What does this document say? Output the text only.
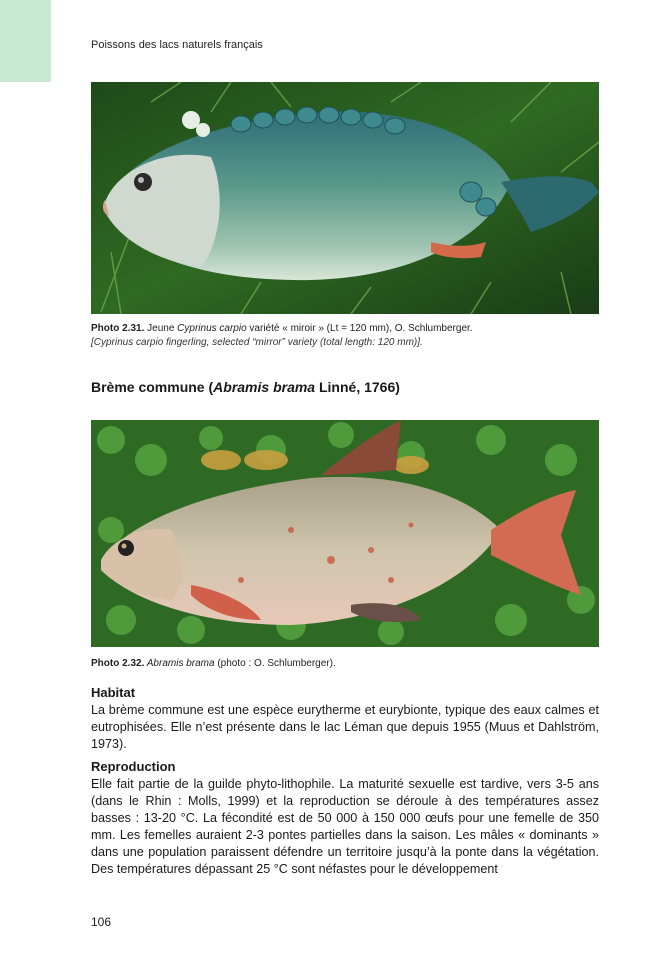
Poissons des lacs naturels français
Photo 2.31. Jeune Cyprinus carpio variété « miroir » (Lt = 120 mm), O. Schlumberger.
[Cyprinus carpio fingerling, selected “mirror” variety (total length: 120 mm)].
Brème commune (Abramis brama Linné, 1766)
Photo 2.32. Abramis brama (photo : O. Schlumberger).
Habitat
La brème commune est une espèce eurytherme et eurybionte, typique des eaux calmes et eutrophisées. Elle n’est présente dans le lac Léman que depuis 1955 (Muus et Dahlström, 1973).
Reproduction
Elle fait partie de la guilde phyto-lithophile. La maturité sexuelle est tardive, vers 3-5 ans (dans le Rhin : Molls, 1999) et la reproduction se déroule à des températures assez basses : 13-20 °C. La fécondité est de 50 000 à 150 000 œufs pour une femelle de 350 mm. Les femelles auraient 2-3 pontes partielles dans la saison. Les mâles « dominants » dans une population paraissent défendre un territoire jusqu’à la ponte dans la végétation. Des températures dépassant 25 °C sont néfastes pour le développement
106
